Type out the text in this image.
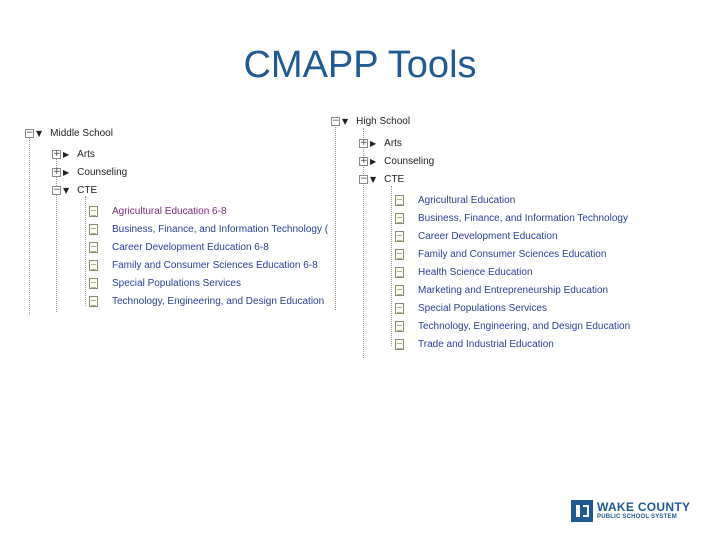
CMAPP Tools
− ▼ Middle School
+ ▶ Arts
+ ▶ Counseling
− ▼ CTE
Agricultural Education 6-8
Business, Finance, and Information Technology (
Career Development Education 6-8
Family and Consumer Sciences Education 6-8
Special Populations Services
Technology, Engineering, and Design Education
− ▼ High School
+ ▶ Arts
+ ▶ Counseling
− ▼ CTE
Agricultural Education
Business, Finance, and Information Technology
Career Development Education
Family and Consumer Sciences Education
Health Science Education
Marketing and Entrepreneurship Education
Special Populations Services
Technology, Engineering, and Design Education
Trade and Industrial Education
WAKE COUNTY
PUBLIC SCHOOL SYSTEM
